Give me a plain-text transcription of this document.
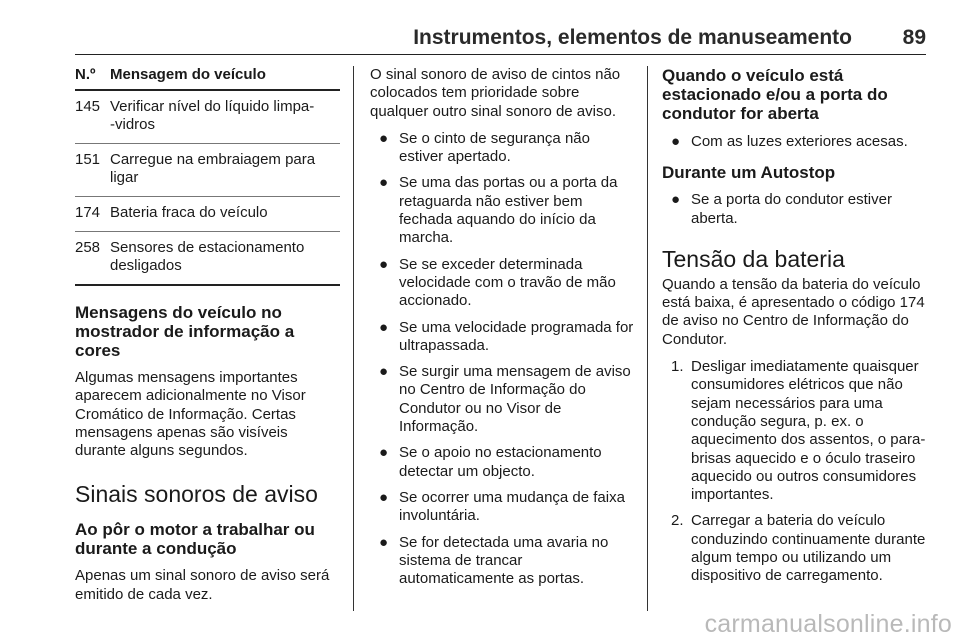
Instrumentos, elementos de manuseamento 89
N.º Mensagem do veículo
145 Verificar nível do líquido limpa-
-vidros
151 Carregue na embraiagem para ligar
174 Bateria fraca do veículo
258 Sensores de estacionamento desligados
Mensagens do veículo no mostrador de informação a cores

Algumas mensagens importantes aparecem adicionalmente no Visor Cromático de Informação. Certas mensagens apenas são visíveis durante alguns segundos.

Sinais sonoros de aviso
Ao pôr o motor a trabalhar ou durante a condução

Apenas um sinal sonoro de aviso será emitido de cada vez.

O sinal sonoro de aviso de cintos não colocados tem prioridade sobre qualquer outro sinal sonoro de aviso.

● Se o cinto de segurança não estiver apertado.
● Se uma das portas ou a porta da retaguarda não estiver bem fechada aquando do início da marcha.
● Se se exceder determinada velocidade com o travão de mão accionado.
● Se uma velocidade programada for ultrapassada.
● Se surgir uma mensagem de aviso no Centro de Informação do Condutor ou no Visor de Informação.
● Se o apoio no estacionamento detectar um objecto.
● Se ocorrer uma mudança de faixa involuntária.
● Se for detectada uma avaria no sistema de trancar automaticamente as portas.
Quando o veículo está estacionado e/ou a porta do condutor for aberta
● Com as luzes exteriores acesas.
Durante um Autostop
● Se a porta do condutor estiver aberta.
Tensão da bateria

Quando a tensão da bateria do veículo está baixa, é apresentado o código 174 de aviso no Centro de Informação do Condutor.

1. Desligar imediatamente quaisquer consumidores elétricos que não sejam necessários para uma condução segura, p. ex. o aquecimento dos assentos, o para-brisas aquecido e o óculo traseiro aquecido ou outros consumidores importantes.
2. Carregar a bateria do veículo conduzindo continuamente durante algum tempo ou utilizando um dispositivo de carregamento.
carmanualsonline.info
